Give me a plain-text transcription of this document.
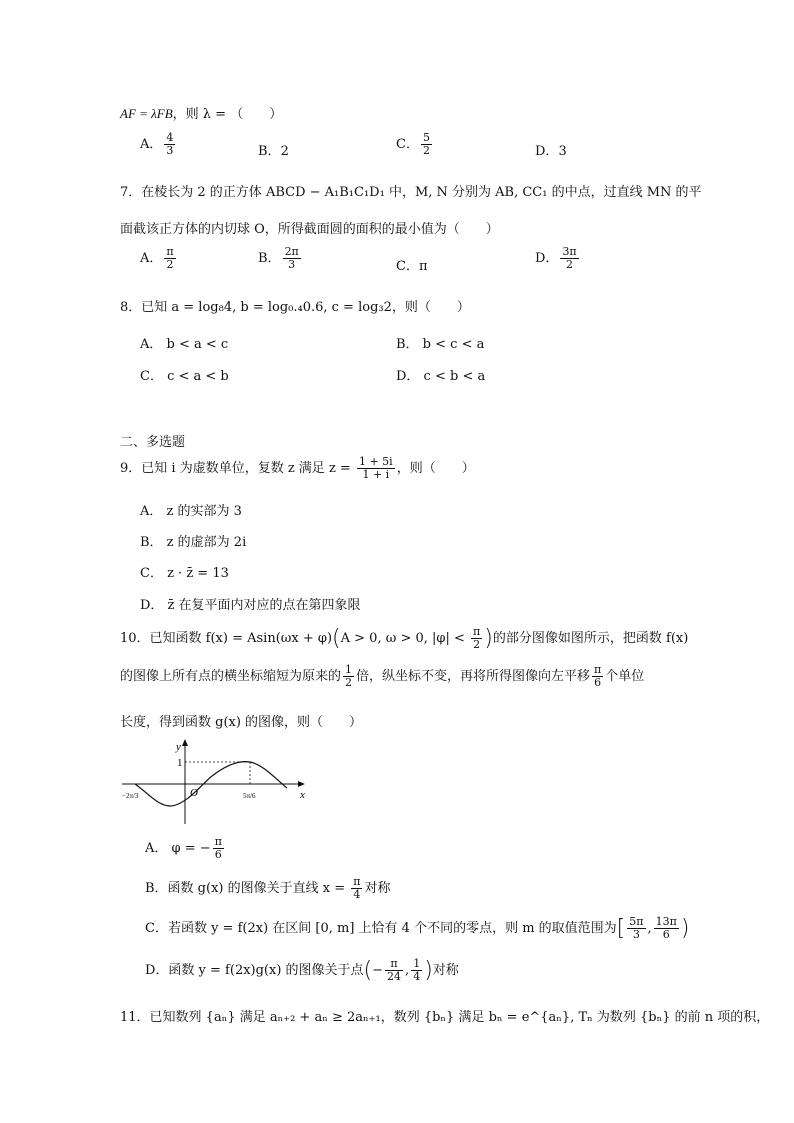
AF = λFB，则 λ = （　　）
A． $\frac{4}{3}$	B．2	C． $\frac{5}{2}$	D．3
7．在棱长为 2 的正方体 ABCD − A₁B₁C₁D₁ 中，M, N 分别为 AB, CC₁ 的中点，过直线 MN 的平
面截该正方体的内切球 O，所得截面圆的面积的最小值为（　　）
A． $\frac{\pi}{2}$	B． $\frac{2\pi}{3}$	C．π
D． $\frac{3\pi}{2}$
8．已知 a = log₈4, b = log₀.₄0.6, c = log₃2，则（　　）
A． b < a < c	B． b < c < a
C． c < a < b	D． c < b < a
二、多选题
9．已知 i 为虚数单位，复数 z 满足 $z = \frac{1 + 5i}{1 + i}$ ，则（　　）
A． z 的实部为 3
B． z 的虚部为 2i
C． z · z̄ = 13
D． z̄ 在复平面内对应的点在第四象限
10．已知函数 f(x) = Asin(ωx + φ)(A > 0, ω > 0, $|\varphi| < \frac{\pi}{2}$ )的部分图像如图所示，把函数 f(x)
的图像上所有点的横坐标缩短为原来的 $\frac{1}{2}$ 倍，纵坐标不变，再将所得图像向左平移 $\frac{\pi}{6}$ 个单位
长度，得到函数 g(x) 的图像，则（　　）
y
x
1
O
−2π/3	5π/6
A． φ = − $\frac{\pi}{6}$
B．函数 g(x) 的图像关于直线 $x = \frac{\pi}{4}$ 对称
C．若函数 y = f(2x) 在区间 [0, m] 上恰有 4 个不同的零点，则 m 的取值范围为[ $\frac{5\pi}{3}$ , $\frac{13\pi}{6}$ )
D．函数 y = f(2x)g(x) 的图像关于点(− $\frac{\pi}{24}$ , $\frac{1}{4}$ )对称
11．已知数列 {aₙ} 满足 aₙ₊₂ + aₙ ≥ 2aₙ₊₁，数列 {bₙ} 满足 bₙ = e^{aₙ}, Tₙ 为数列 {bₙ} 的前 n 项的积，
